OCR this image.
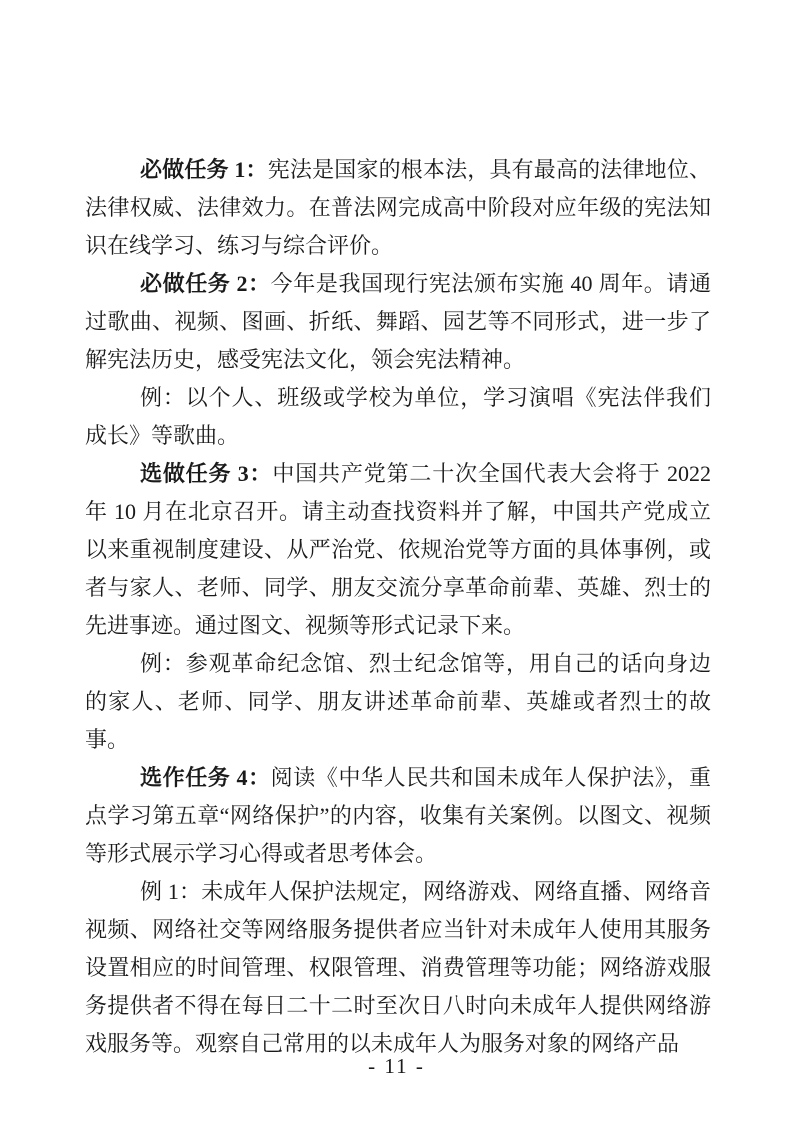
必做任务 1：宪法是国家的根本法，具有最高的法律地位、法律权威、法律效力。在普法网完成高中阶段对应年级的宪法知识在线学习、练习与综合评价。

必做任务 2：今年是我国现行宪法颁布实施 40 周年。请通过歌曲、视频、图画、折纸、舞蹈、园艺等不同形式，进一步了解宪法历史，感受宪法文化，领会宪法精神。

例：以个人、班级或学校为单位，学习演唱《宪法伴我们成长》等歌曲。

选做任务 3：中国共产党第二十次全国代表大会将于 2022 年 10 月在北京召开。请主动查找资料并了解，中国共产党成立以来重视制度建设、从严治党、依规治党等方面的具体事例，或者与家人、老师、同学、朋友交流分享革命前辈、英雄、烈士的先进事迹。通过图文、视频等形式记录下来。

例：参观革命纪念馆、烈士纪念馆等，用自己的话向身边的家人、老师、同学、朋友讲述革命前辈、英雄或者烈士的故事。

选作任务 4：阅读《中华人民共和国未成年人保护法》，重点学习第五章“网络保护”的内容，收集有关案例。以图文、视频等形式展示学习心得或者思考体会。

例 1：未成年人保护法规定，网络游戏、网络直播、网络音视频、网络社交等网络服务提供者应当针对未成年人使用其服务设置相应的时间管理、权限管理、消费管理等功能；网络游戏服务提供者不得在每日二十二时至次日八时向未成年人提供网络游戏服务等。观察自己常用的以未成年人为服务对象的网络产品

- 11 -
